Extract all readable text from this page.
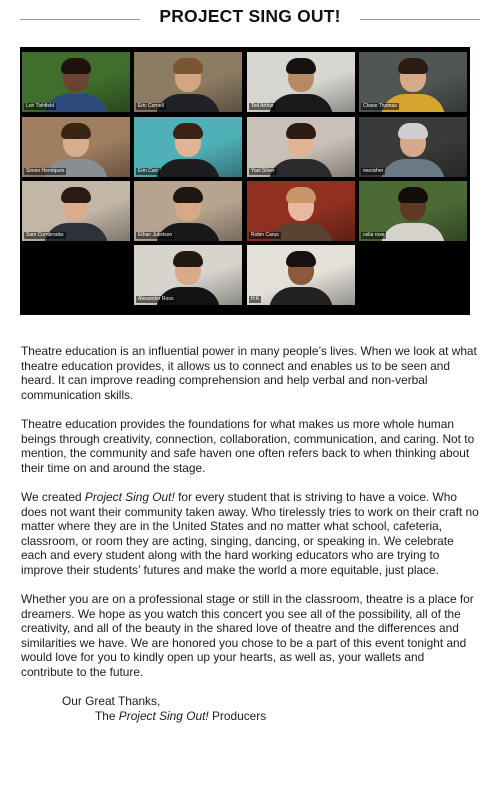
PROJECT SING OUT!
Lori Tishfield	Eric Cornell	Ted Arthur	Chase Thomas
Simon Henriques	Erin Carr	Yael Silver	mecisher
Sam Cornbrooks	Ethan Jukelson	Robin Carus	celia rose
Alexander Roos	H K

Theatre education is an influential power in many people’s lives. When we look at what theatre education provides, it allows us to connect and enables us to be seen and heard. It can improve reading comprehension and help verbal and non-verbal communication skills.

Theatre education provides the foundations for what makes us more whole human beings through creativity, connection, collaboration, communication, and caring. Not to mention, the community and safe haven one often refers back to when thinking about their time on and around the stage.

We created Project Sing Out! for every student that is striving to have a voice. Who does not want their community taken away. Who tirelessly tries to work on their craft no matter where they are in the United States and no matter what school, cafeteria, classroom, or room they are acting, singing, dancing, or speaking in. We celebrate each and every student along with the hard working educators who are trying to improve their students’ futures and make the world a more equitable, just place.

Whether you are on a professional stage or still in the classroom, theatre is a place for dreamers. We hope as you watch this concert you see all of the possibility, all of the creativity, and all of the beauty in the shared love of theatre and the differences and similarities we have. We are honored you chose to be a part of this event tonight and would love for you to kindly open up your hearts, as well as, your wallets and contribute to the future.

Our Great Thanks,
The Project Sing Out! Producers
